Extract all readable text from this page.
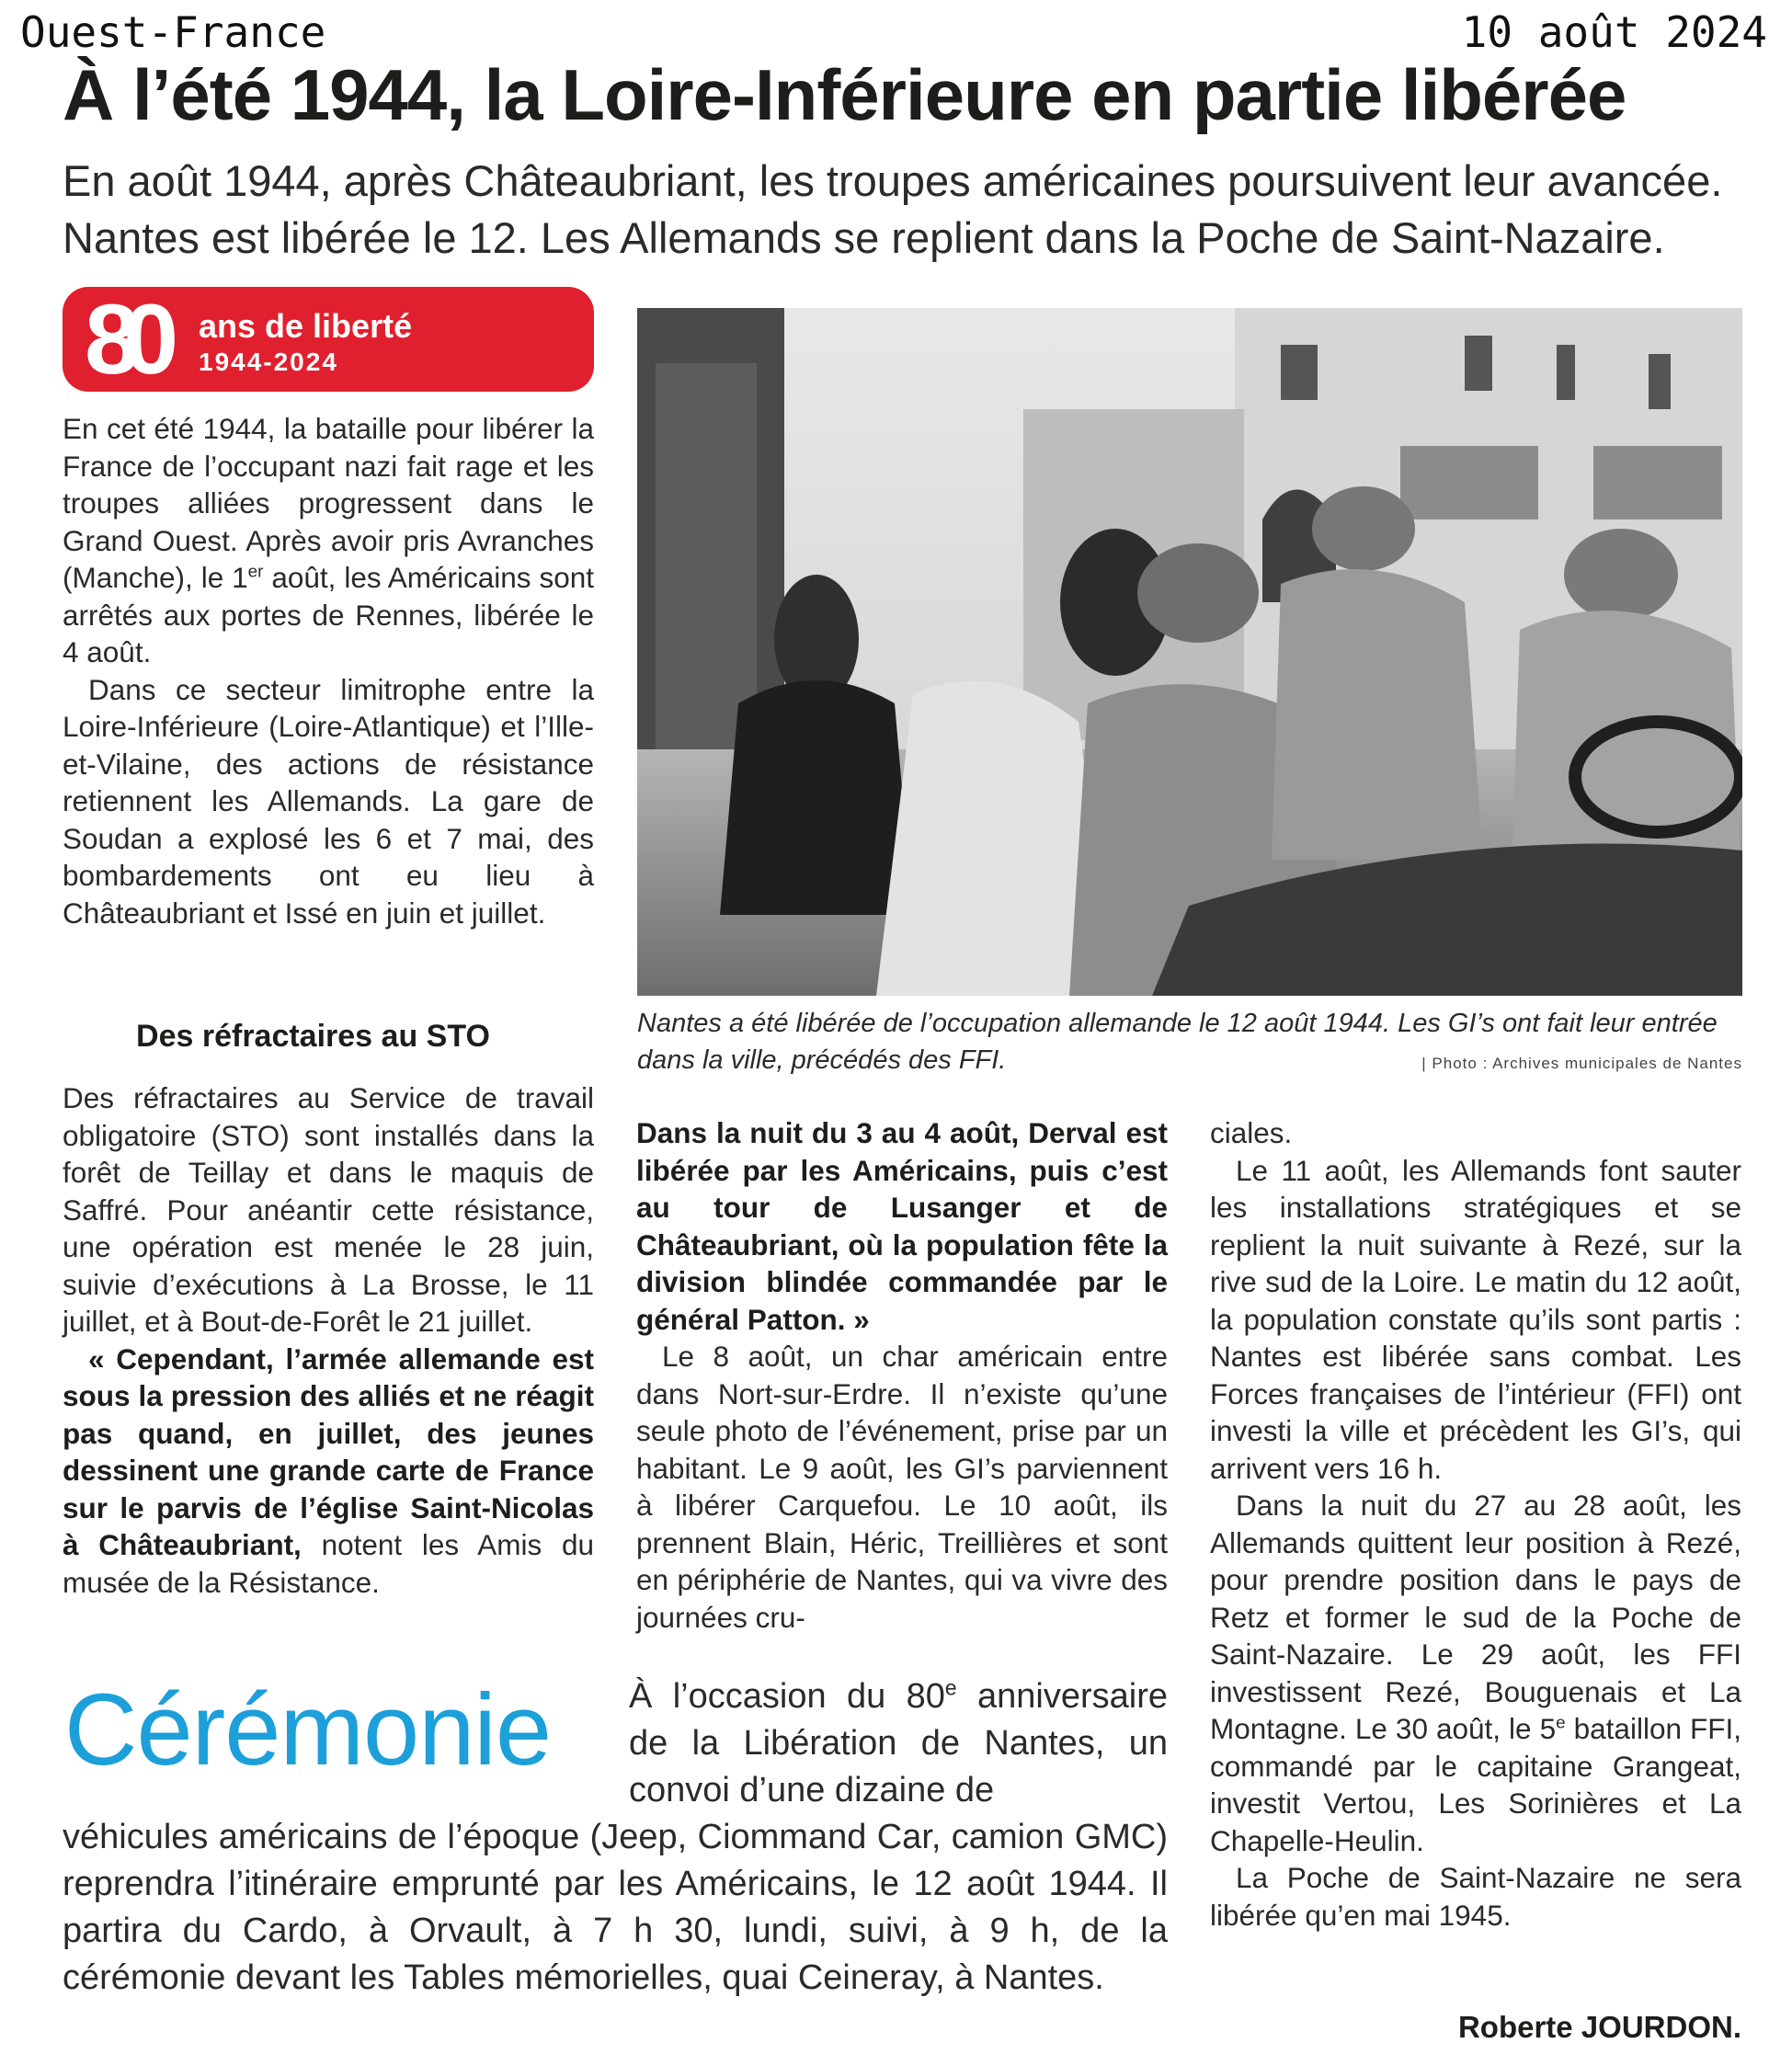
Ouest-France	10 août 2024
À l’été 1944, la Loire-Inférieure en partie libérée
En août 1944, après Châteaubriant, les troupes américaines poursuivent leur avancée.
Nantes est libérée le 12. Les Allemands se replient dans la Poche de Saint-Nazaire.
80 ans de liberté
1944-2024

En cet été 1944, la bataille pour libérer la France de l’occupant nazi fait rage et les troupes alliées progressent dans le Grand Ouest. Après avoir pris Avranches (Manche), le 1er août, les Américains sont arrêtés aux portes de Rennes, libérée le 4 août.

Dans ce secteur limitrophe entre la Loire-Inférieure (Loire-Atlantique) et l’Ille-et-Vilaine, des actions de résistance retiennent les Allemands. La gare de Soudan a explosé les 6 et 7 mai, des bombardements ont eu lieu à Châteaubriant et Issé en juin et juillet.

Des réfractaires au STO

Des réfractaires au Service de travail obligatoire (STO) sont installés dans la forêt de Teillay et dans le maquis de Saffré. Pour anéantir cette résistance, une opération est menée le 28 juin, suivie d’exécutions à La Brosse, le 11 juillet, et à Bout-de-Forêt le 21 juillet.

« Cependant, l’armée allemande est sous la pression des alliés et ne réagit pas quand, en juillet, des jeunes dessinent une grande carte de France sur le parvis de l’église Saint-Nicolas à Châteaubriant, notent les Amis du musée de la Résistance.

Nantes a été libérée de l’occupation allemande le 12 août 1944. Les GI’s ont fait leur entrée dans la ville, précédés des FFI.	| Photo : Archives municipales de Nantes

Dans la nuit du 3 au 4 août, Derval est libérée par les Américains, puis c’est au tour de Lusanger et de Châteaubriant, où la population fête la division blindée commandée par le général Patton. »

Le 8 août, un char américain entre dans Nort-sur-Erdre. Il n’existe qu’une seule photo de l’événement, prise par un habitant. Le 9 août, les GI’s parviennent à libérer Carquefou. Le 10 août, ils prennent Blain, Héric, Treillières et sont en périphérie de Nantes, qui va vivre des journées cru-

ciales.

Le 11 août, les Allemands font sauter les installations stratégiques et se replient la nuit suivante à Rezé, sur la rive sud de la Loire. Le matin du 12 août, la population constate qu’ils sont partis : Nantes est libérée sans combat. Les Forces françaises de l’intérieur (FFI) ont investi la ville et précèdent les GI’s, qui arrivent vers 16 h.

Dans la nuit du 27 au 28 août, les Allemands quittent leur position à Rezé, pour prendre position dans le pays de Retz et former le sud de la Poche de Saint-Nazaire. Le 29 août, les FFI investissent Rezé, Bouguenais et La Montagne. Le 30 août, le 5e bataillon FFI, commandé par le capitaine Grangeat, investit Vertou, Les Sorinières et La Chapelle-Heulin.

La Poche de Saint-Nazaire ne sera libérée qu’en mai 1945.

Cérémonie À l’occasion du 80e anniversaire de la Libération de Nantes, un convoi d’une dizaine de
véhicules américains de l’époque (Jeep, Ciommand Car, camion GMC) reprendra l’itinéraire emprunté par les Américains, le 12 août 1944. Il partira du Cardo, à Orvault, à 7 h 30, lundi, suivi, à 9 h, de la cérémonie devant les Tables mémorielles, quai Ceineray, à Nantes.
Roberte JOURDON.
